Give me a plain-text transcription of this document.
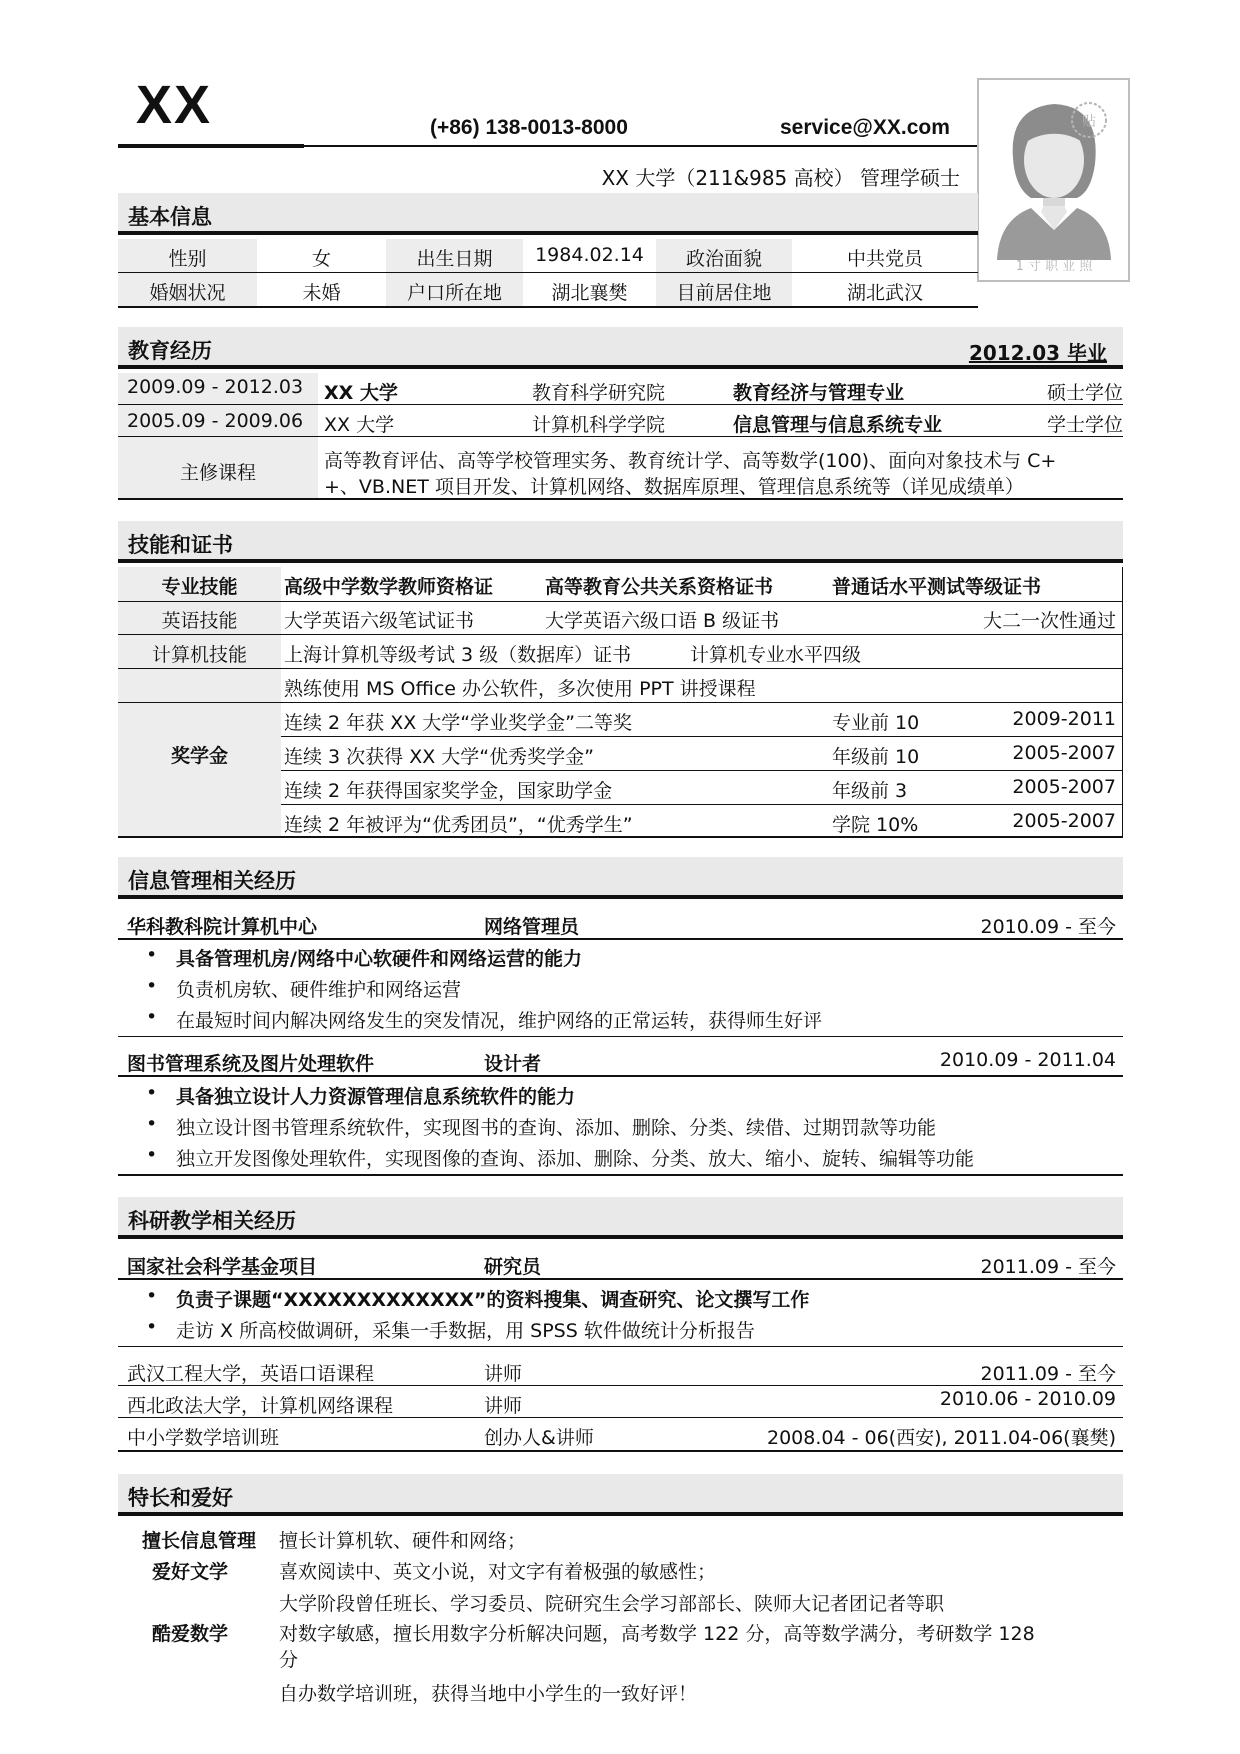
XX	(+86) 138-0013-8000	service@XX.com
XX 大学（211&985 高校） 管理学硕士
贴
1 寸 职 业 照
基本信息
性别	女	出生日期	1984.02.14	政治面貌	中共党员
婚姻状况	未婚	户口所在地	湖北襄樊	目前居住地	湖北武汉
教育经历	2012.03 毕业
2009.09 - 2012.03 XX 大学	教育科学研究院	教育经济与管理专业	硕士学位
2005.09 - 2009.06 XX 大学	计算机科学学院	信息管理与信息系统专业	学士学位
主修课程
高等教育评估、高等学校管理实务、教育统计学、高等数学(100)、面向对象技术与 C+
+、VB.NET 项目开发、计算机网络、数据库原理、管理信息系统等（详见成绩单）
技能和证书
专业技能	高级中学数学教师资格证	高等教育公共关系资格证书	普通话水平测试等级证书
英语技能	大学英语六级笔试证书	大学英语六级口语 B 级证书	大二一次性通过
计算机技能	上海计算机等级考试 3 级（数据库）证书	计算机专业水平四级
熟练使用 MS Office 办公软件，多次使用 PPT 讲授课程
奖学金
连续 2 年获 XX 大学“学业奖学金”二等奖	专业前 10	2009-2011
连续 3 次获得 XX 大学“优秀奖学金”	年级前 10	2005-2007
连续 2 年获得国家奖学金，国家助学金	年级前 3	2005-2007
连续 2 年被评为“优秀团员”，“优秀学生”	学院 10%	2005-2007
信息管理相关经历
华科教科院计算机中心	网络管理员	2010.09 - 至今
• 具备管理机房/网络中心软硬件和网络运营的能力
• 负责机房软、硬件维护和网络运营
• 在最短时间内解决网络发生的突发情况，维护网络的正常运转，获得师生好评
图书管理系统及图片处理软件	设计者	2010.09 - 2011.04
• 具备独立设计人力资源管理信息系统软件的能力
• 独立设计图书管理系统软件，实现图书的查询、添加、删除、分类、续借、过期罚款等功能
• 独立开发图像处理软件，实现图像的查询、添加、删除、分类、放大、缩小、旋转、编辑等功能
科研教学相关经历
国家社会科学基金项目	研究员	2011.09 - 至今
• 负责子课题“XXXXXXXXXXXXX”的资料搜集、调查研究、论文撰写工作
• 走访 X 所高校做调研，采集一手数据，用 SPSS 软件做统计分析报告
武汉工程大学，英语口语课程	讲师	2011.09 - 至今
西北政法大学，计算机网络课程	讲师	2010.06 - 2010.09
中小学数学培训班	创办人&讲师	2008.04 - 06(西安), 2011.04-06(襄樊)
特长和爱好
擅长信息管理 擅长计算机软、硬件和网络；
爱好文学	喜欢阅读中、英文小说，对文字有着极强的敏感性；
大学阶段曾任班长、学习委员、院研究生会学习部部长、陕师大记者团记者等职
酷爱数学	对数字敏感，擅长用数字分析解决问题，高考数学 122 分，高等数学满分，考研数学 128
分
自办数学培训班，获得当地中小学生的一致好评！
